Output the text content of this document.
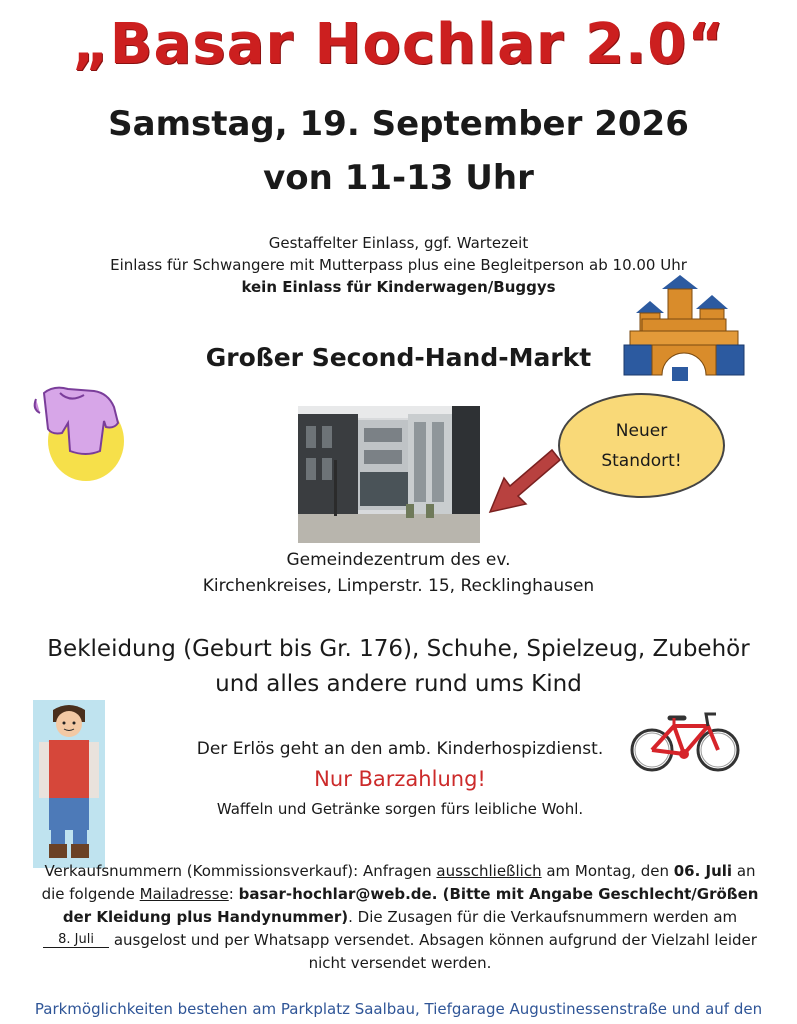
„Basar Hochlar 2.0“
Samstag, 19. September 2026
von 11-13 Uhr
Gestaffelter Einlass, ggf. Wartezeit
Einlass für Schwangere mit Mutterpass plus eine Begleitperson ab 10.00 Uhr
kein Einlass für Kinderwagen/Buggys
Großer Second-Hand-Markt
Neuer
Standort!
Gemeindezentrum des ev.
Kirchenkreises, Limperstr. 15, Recklinghausen
Bekleidung (Geburt bis Gr. 176), Schuhe, Spielzeug, Zubehör
und alles andere rund ums Kind
Der Erlös geht an den amb. Kinderhospizdienst.
Nur Barzahlung!
Waffeln und Getränke sorgen fürs leibliche Wohl.
Verkaufsnummern (Kommissionsverkauf): Anfragen ausschließlich am Montag, den 06. Juli an die folgende Mailadresse: basar-hochlar@web.de. (Bitte mit Angabe Geschlecht/Größen der Kleidung plus Handynummer). Die Zusagen für die Verkaufsnummern werden am 8. Juli ausgelost und per Whatsapp versendet. Absagen können aufgrund der Vielzahl leider nicht versendet werden.
Parkmöglichkeiten bestehen am Parkplatz Saalbau, Tiefgarage Augustinessenstraße und auf den
